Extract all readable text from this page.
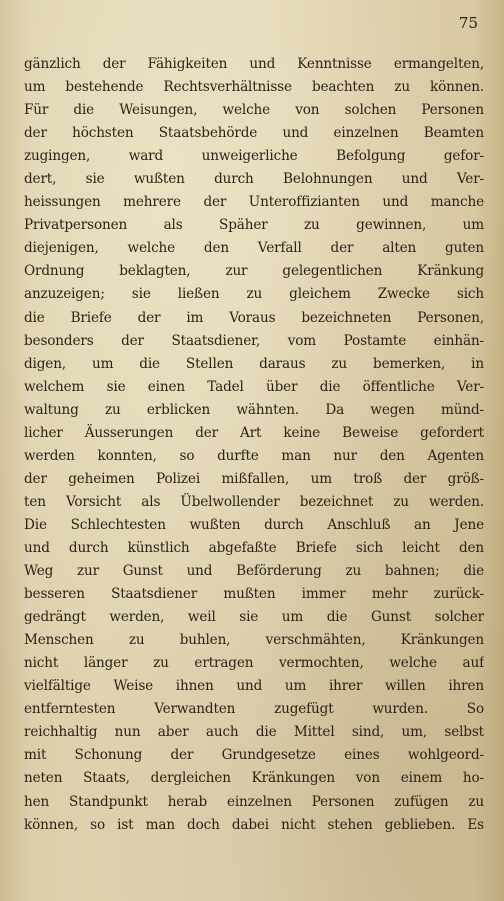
75
gänzlich der Fähigkeiten und Kenntnisse ermangelten,
um bestehende Rechtsverhältnisse beachten zu können.
Für die Weisungen, welche von solchen Personen
der höchsten Staatsbehörde und einzelnen Beamten
zugingen, ward unweigerliche Befolgung gefor-
dert, sie wußten durch Belohnungen und Ver-
heissungen mehrere der Unteroffizianten und manche
Privatpersonen als Späher zu gewinnen, um
diejenigen, welche den Verfall der alten guten
Ordnung beklagten, zur gelegentlichen Kränkung
anzuzeigen; sie ließen zu gleichem Zwecke sich
die Briefe der im Voraus bezeichneten Personen,
besonders der Staatsdiener, vom Postamte einhän-
digen, um die Stellen daraus zu bemerken, in
welchem sie einen Tadel über die öffentliche Ver-
waltung zu erblicken wähnten. Da wegen münd-
licher Äusserungen der Art keine Beweise gefordert
werden konnten, so durfte man nur den Agenten
der geheimen Polizei mißfallen, um troß der größ-
ten Vorsicht als Übelwollender bezeichnet zu werden.
Die Schlechtesten wußten durch Anschluß an Jene
und durch künstlich abgefaßte Briefe sich leicht den
Weg zur Gunst und Beförderung zu bahnen; die
besseren Staatsdiener mußten immer mehr zurück-
gedrängt werden, weil sie um die Gunst solcher
Menschen zu buhlen, verschmähten, Kränkungen
nicht länger zu ertragen vermochten, welche auf
vielfältige Weise ihnen und um ihrer willen ihren
entferntesten Verwandten zugefügt wurden. So
reichhaltig nun aber auch die Mittel sind, um, selbst
mit Schonung der Grundgesetze eines wohlgeord-
neten Staats, dergleichen Kränkungen von einem ho-
hen Standpunkt herab einzelnen Personen zufügen zu
können, so ist man doch dabei nicht stehen geblieben. Es
